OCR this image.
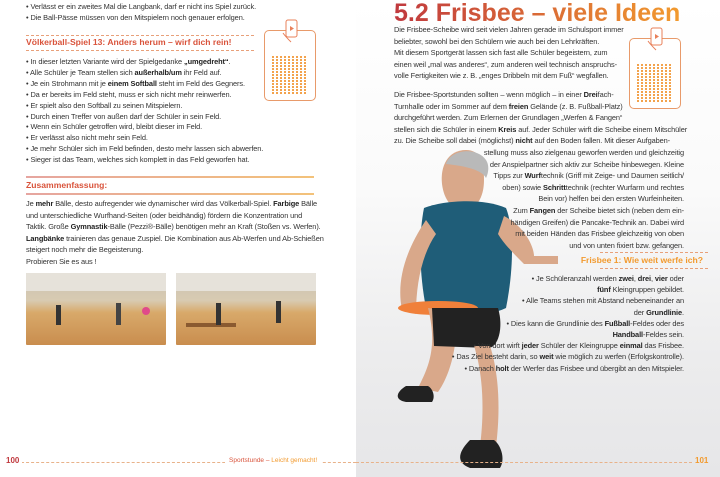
• Verlässt er ein zweites Mal die Langbank, darf er nicht ins Spiel zurück.
• Die Ball-Pässe müssen von den Mitspielern noch genauer erfolgen.
• In dieser letzten Variante wird der Spielgedanke „umgedreht“.
• Alle Schüler je Team stellen sich außerhalb/um ihr Feld auf.
• Je ein Strohmann mit je einem Softball steht im Feld des Gegners.
• Da er bereits im Feld steht, muss er sich nicht mehr reinwerfen.
• Er spielt also den Softball zu seinen Mitspielern.
• Durch einen Treffer von außen darf der Schüler in sein Feld.
• Wenn ein Schüler getroffen wird, bleibt dieser im Feld.
• Er verlässt also nicht mehr sein Feld.
• Je mehr Schüler sich im Feld befinden, desto mehr lassen sich abwerfen.
• Sieger ist das Team, welches sich komplett in das Feld geworfen hat.
Je mehr Bälle, desto aufregender wie dynamischer wird das Völkerball-Spiel. Farbige Bälle
und unterschiedliche Wurfhand-Seiten (oder beidhändig) fördern die Konzentration und
Taktik. Große Gymnastik-Bälle (Pezzi®-Bälle) benötigen mehr an Kraft (Stoßen vs. Werfen).
Langbänke trainieren das genaue Zuspiel. Die Kombination aus Ab-Werfen und Ab-Schießen
steigert noch mehr die Begeisterung.
Probieren Sie es aus !
Völkerball-Spiel 13: Anders herum – wirf dich rein!
Zusammenfassung:
100	Sportstunde – Leicht gemacht!
5.2 Frisbee – viele Ideen
Die Frisbee-Scheibe wird seit vielen Jahren gerade im Schulsport immer
beliebter, sowohl bei den Schülern wie auch bei den Lehrkräften.
Mit diesem Sportgerät lassen sich fast alle Schüler begeistern, zum
einen weil „mal was anderes“, zum anderen weil technisch anspruchs-
volle Fertigkeiten wie z. B. „enges Dribbeln mit dem Fuß“ wegfallen.
Die Frisbee-Sportstunden sollten – wenn möglich – in einer Dreifach-
Turnhalle oder im Sommer auf dem freien Gelände (z. B. Fußball-Platz)
durchgeführt werden. Zum Erlernen der Grundlagen „Werfen & Fangen“
stellen sich die Schüler in einem Kreis auf. Jeder Schüler wirft die Scheibe einem Mitschüler
zu. Die Scheibe soll dabei (möglichst) nicht auf den Boden fallen. Mit dieser Aufgaben-
stellung muss also zielgenau geworfen werden und gleichzeitig
der Anspielpartner sich aktiv zur Scheibe hinbewegen. Kleine
Tipps zur Wurftechnik (Griff mit Zeige- und Daumen seitlich/
oben) sowie Schritttechnik (rechter Wurfarm und rechtes
Bein vor) helfen bei den ersten Wurfeinheiten.
Zum Fangen der Scheibe bietet sich (neben dem ein-
händigen Greifen) die Pancake-Technik an. Dabei wird
mit beiden Händen das Frisbee gleichzeitig von oben
und von unten fixiert bzw. gefangen.
• Je Schüleranzahl werden zwei, drei, vier oder
fünf Kleingruppen gebildet.
• Alle Teams stehen mit Abstand nebeneinander an
der Grundlinie.
• Dies kann die Grundlinie des Fußball-Feldes oder des
Handball-Feldes sein.
• Von dort wirft jeder Schüler der Kleingruppe einmal das Frisbee.
• Das Ziel besteht darin, so weit wie möglich zu werfen (Erfolgskontrolle).
• Danach holt der Werfer das Frisbee und übergibt an den Mitspieler.
Frisbee 1: Wie weit werfe ich?
101
